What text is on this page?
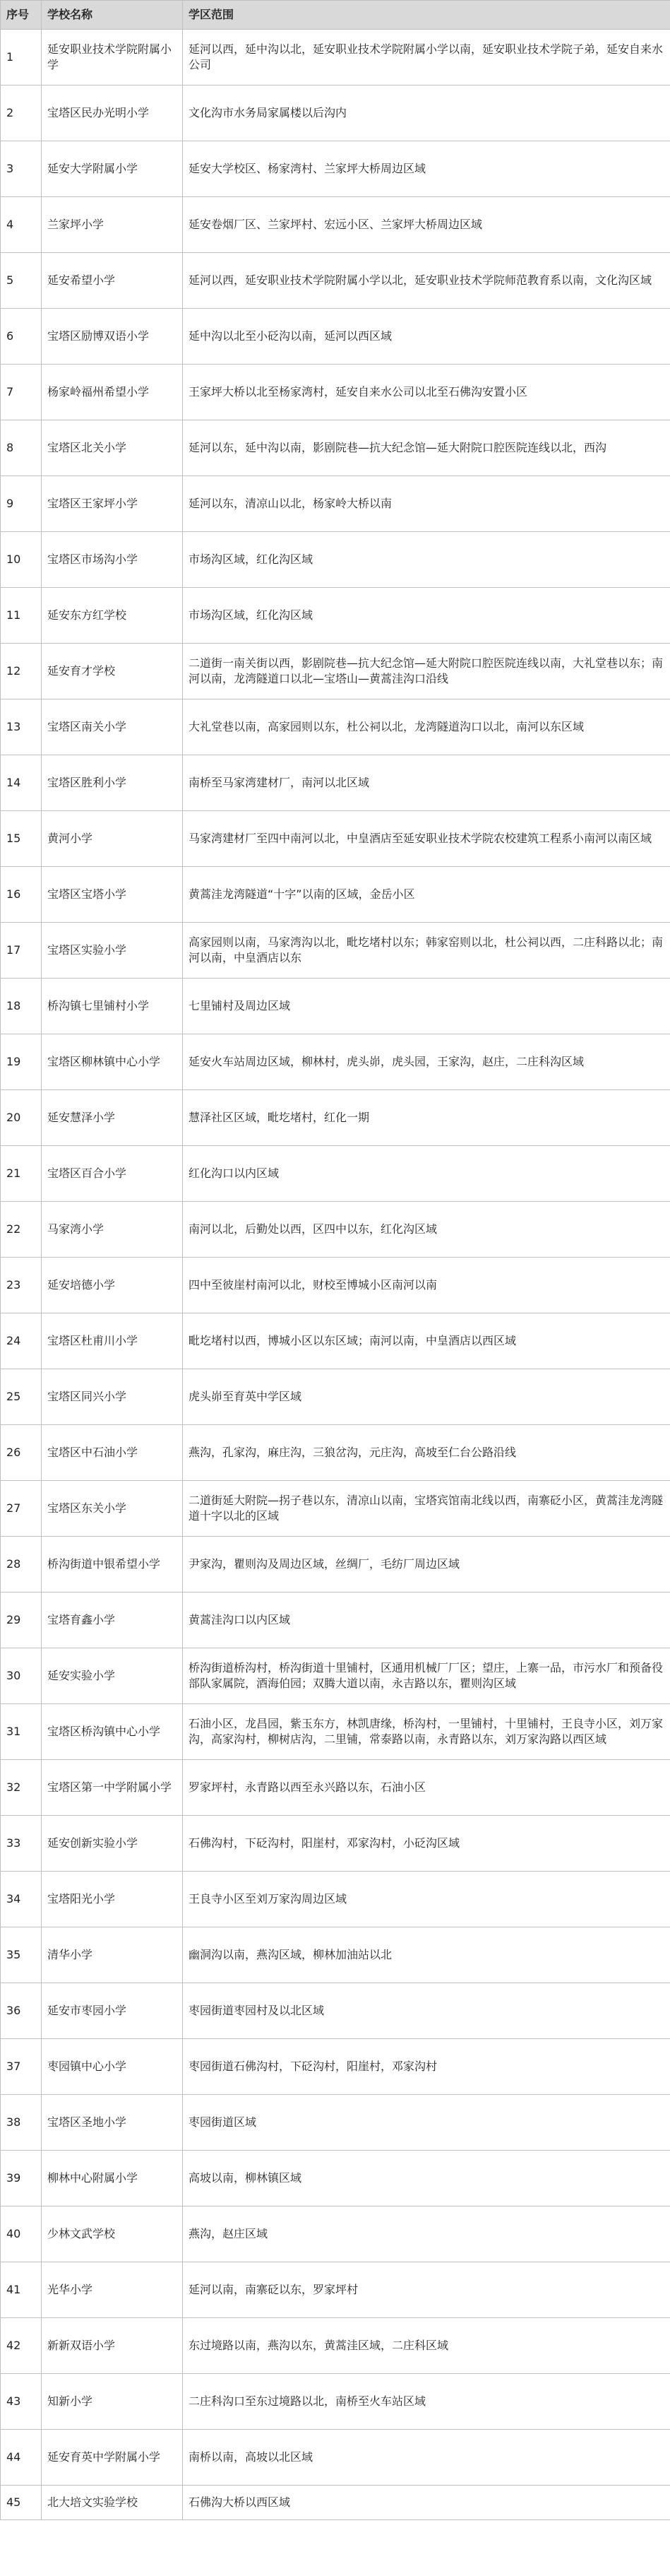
序号	学校名称	学区范围
1	延安职业技术学院附属小学	延河以西，延中沟以北，延安职业技术学院附属小学以南，延安职业技术学院子弟，延安自来水公司
2	宝塔区民办光明小学	文化沟市水务局家属楼以后沟内
3	延安大学附属小学	延安大学校区、杨家湾村、兰家坪大桥周边区域
4	兰家坪小学	延安卷烟厂区、兰家坪村、宏远小区、兰家坪大桥周边区域
5	延安希望小学	延河以西，延安职业技术学院附属小学以北，延安职业技术学院师范教育系以南，文化沟区域
6	宝塔区励博双语小学	延中沟以北至小砭沟以南，延河以西区域
7	杨家岭福州希望小学	王家坪大桥以北至杨家湾村，延安自来水公司以北至石佛沟安置小区
8	宝塔区北关小学	延河以东，延中沟以南，影剧院巷—抗大纪念馆—延大附院口腔医院连线以北，西沟
9	宝塔区王家坪小学	延河以东，清凉山以北，杨家岭大桥以南
10	宝塔区市场沟小学	市场沟区域，红化沟区域
11	延安东方红学校	市场沟区域，红化沟区域
12	延安育才学校	二道街一南关街以西，影剧院巷—抗大纪念馆—延大附院口腔医院连线以南，大礼堂巷以东；南河以南，龙湾隧道口以北—宝塔山—黄蒿洼沟口沿线
13	宝塔区南关小学	大礼堂巷以南，高家园则以东，杜公祠以北，龙湾隧道沟口以北，南河以东区域
14	宝塔区胜利小学	南桥至马家湾建材厂，南河以北区域
15	黄河小学	马家湾建材厂至四中南河以北，中皇酒店至延安职业技术学院农校建筑工程系小南河以南区域
16	宝塔区宝塔小学	黄蒿洼龙湾隧道“十字”以南的区域，金岳小区
17	宝塔区实验小学	高家园则以南，马家湾沟以北，毗圪堵村以东；韩家窑则以北，杜公祠以西，二庄科路以北；南河以南，中皇酒店以东
18	桥沟镇七里铺村小学	七里铺村及周边区域
19	宝塔区柳林镇中心小学	延安火车站周边区域，柳林村，虎头峁，虎头园，王家沟，赵庄，二庄科沟区域
20	延安慧泽小学	慧泽社区区域，毗圪堵村，红化一期
21	宝塔区百合小学	红化沟口以内区域
22	马家湾小学	南河以北，后勤处以西，区四中以东，红化沟区域
23	延安培德小学	四中至彼崖村南河以北，财校至博城小区南河以南
24	宝塔区杜甫川小学	毗圪堵村以西，博城小区以东区域；南河以南，中皇酒店以西区域
25	宝塔区同兴小学	虎头峁至育英中学区域
26	宝塔区中石油小学	燕沟，孔家沟，麻庄沟，三狼岔沟，元庄沟，高坡至仁台公路沿线
27	宝塔区东关小学	二道街延大附院—拐子巷以东，清凉山以南，宝塔宾馆南北线以西，南寨砭小区，黄蒿洼龙湾隧道十字以北的区域
28	桥沟街道中银希望小学	尹家沟，瞿则沟及周边区域，丝绸厂，毛纺厂周边区域
29	宝塔育鑫小学	黄蒿洼沟口以内区域
30	延安实验小学	桥沟街道桥沟村，桥沟街道十里铺村，区通用机械厂厂区；望庄，上寨一品，市污水厂和预备役部队家属院，酒海伯园；双腾大道以南，永吉路以东，瞿则沟区域
31	宝塔区桥沟镇中心小学	石油小区，龙昌园，紫玉东方，林凯唐缘，桥沟村，一里铺村，十里铺村，王良寺小区，刘万家沟，高家沟村，柳树店沟，二里铺，常泰路以南，永青路以东，刘万家沟路以西区域
32	宝塔区第一中学附属小学	罗家坪村，永青路以西至永兴路以东，石油小区
33	延安创新实验小学	石佛沟村，下砭沟村，阳崖村，邓家沟村，小砭沟区域
34	宝塔阳光小学	王良寺小区至刘万家沟周边区域
35	清华小学	幽洞沟以南，燕沟区域，柳林加油站以北
36	延安市枣园小学	枣园街道枣园村及以北区域
37	枣园镇中心小学	枣园街道石佛沟村，下砭沟村，阳崖村，邓家沟村
38	宝塔区圣地小学	枣园街道区域
39	柳林中心附属小学	高坡以南，柳林镇区域
40	少林文武学校	燕沟，赵庄区域
41	光华小学	延河以南，南寨砭以东，罗家坪村
42	新新双语小学	东过境路以南，燕沟以东，黄蒿洼区域，二庄科区域
43	知新小学	二庄科沟口至东过境路以北，南桥至火车站区域
44	延安育英中学附属小学	南桥以南，高坡以北区域
45	北大培文实验学校	石佛沟大桥以西区域
